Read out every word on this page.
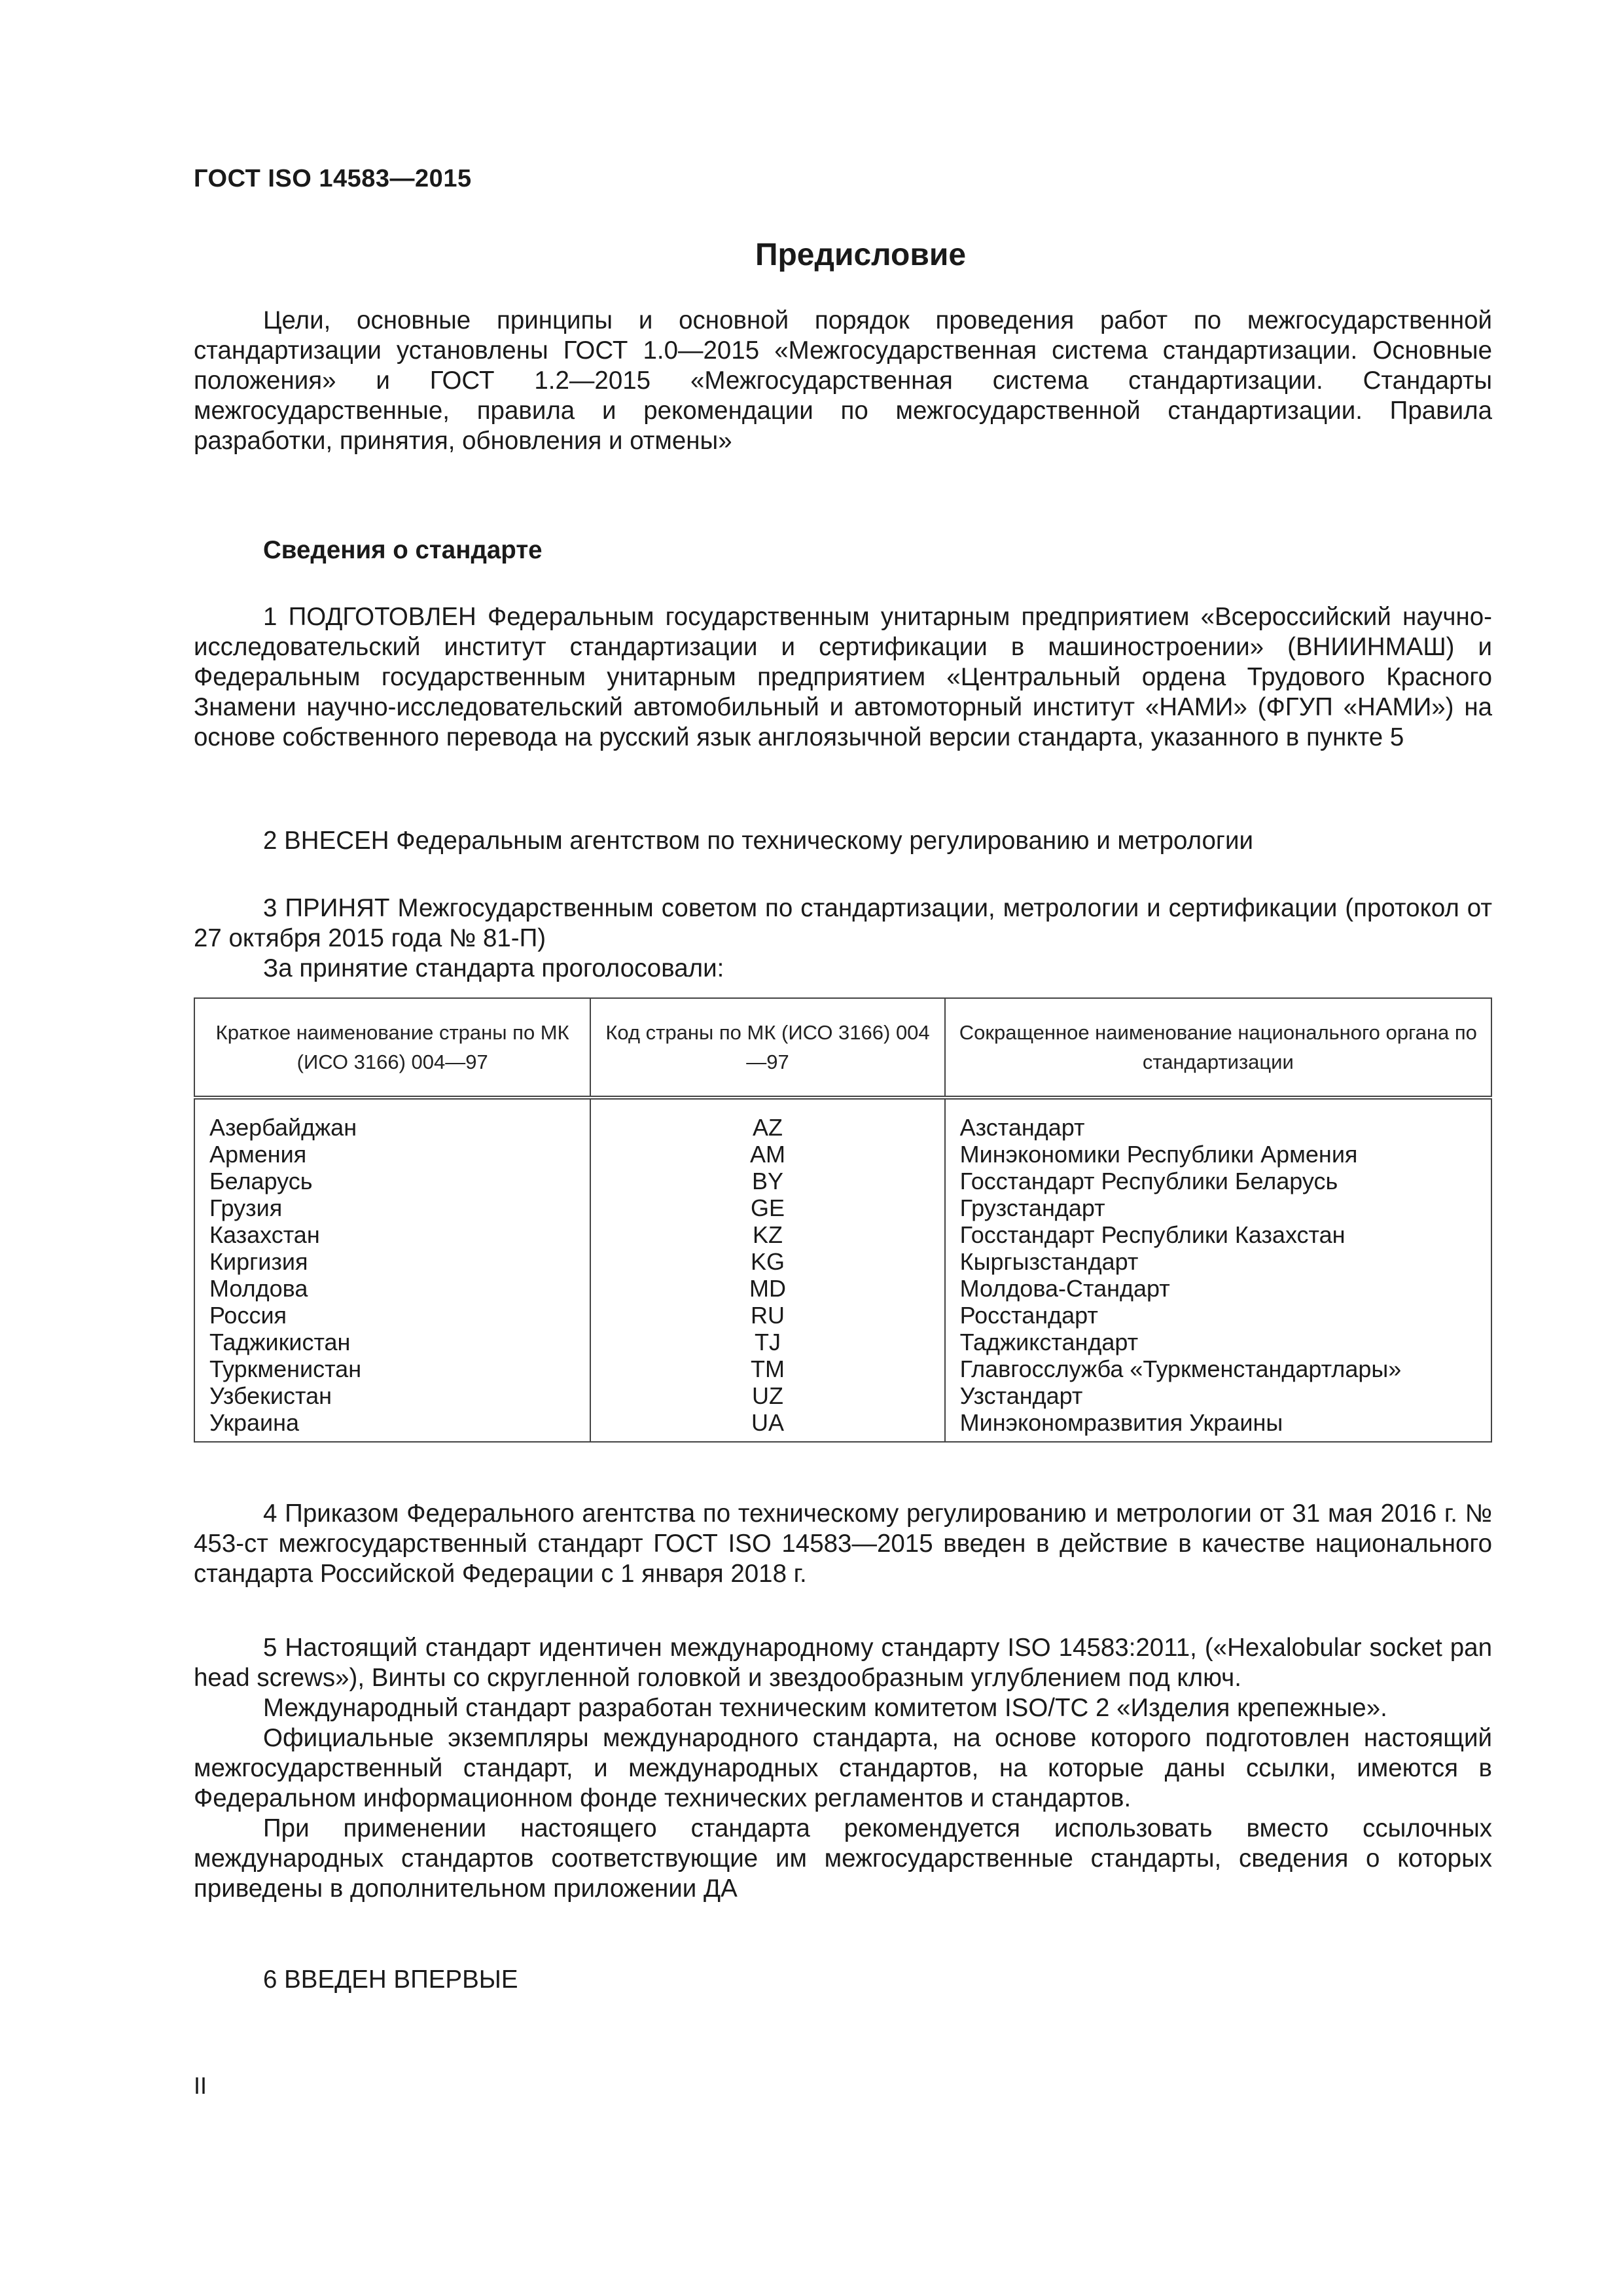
ГОСТ ISO 14583—2015
Предисловие

Цели, основные принципы и основной порядок проведения работ по межгосударственной стандартизации установлены ГОСТ 1.0—2015 «Межгосударственная система стандартизации. Основные положения» и ГОСТ 1.2—2015 «Межгосударственная система стандартизации. Стандарты межгосударственные, правила и рекомендации по межгосударственной стандартизации. Правила разработки, принятия, обновления и отмены»

Сведения о стандарте

1 ПОДГОТОВЛЕН Федеральным государственным унитарным предприятием «Всероссийский научно-исследовательский институт стандартизации и сертификации в машиностроении» (ВНИИНМАШ) и Федеральным государственным унитарным предприятием «Центральный ордена Трудового Красного Знамени научно-исследовательский автомобильный и автомоторный институт «НАМИ» (ФГУП «НАМИ») на основе собственного перевода на русский язык англоязычной версии стандарта, указанного в пункте 5

2 ВНЕСЕН Федеральным агентством по техническому регулированию и метрологии

3 ПРИНЯТ Межгосударственным советом по стандартизации, метрологии и сертификации (протокол от 27 октября 2015 года № 81-П)

За принятие стандарта проголосовали:

Краткое наименование страны по МК (ИСО 3166) 004—97	Код страны по МК (ИСО 3166) 004—97	Сокращенное наименование национального органа по стандартизации
Азербайджан	AZ	Азстандарт
Армения	AM	Минэкономики Республики Армения
Беларусь	BY	Госстандарт Республики Беларусь
Грузия	GE	Грузстандарт
Казахстан	KZ	Госстандарт Республики Казахстан
Киргизия	KG	Кыргызстандарт
Молдова	MD	Молдова-Стандарт
Россия	RU	Росстандарт
Таджикистан	TJ	Таджикстандарт
Туркменистан	TM	Главгосслужба «Туркменстандартлары»
Узбекистан	UZ	Узстандарт
Украина	UA	Минэкономразвития Украины

4 Приказом Федерального агентства по техническому регулированию и метрологии от 31 мая 2016 г. № 453-ст межгосударственный стандарт ГОСТ ISO 14583—2015 введен в действие в качестве национального стандарта Российской Федерации с 1 января 2018 г.

5 Настоящий стандарт идентичен международному стандарту ISO 14583:2011, («Hexalobular socket pan head screws»), Винты со скругленной головкой и звездообразным углублением под ключ.

Международный стандарт разработан техническим комитетом ISO/TC 2 «Изделия крепежные».

Официальные экземпляры международного стандарта, на основе которого подготовлен настоящий межгосударственный стандарт, и международных стандартов, на которые даны ссылки, имеются в Федеральном информационном фонде технических регламентов и стандартов.

При применении настоящего стандарта рекомендуется использовать вместо ссылочных международных стандартов соответствующие им межгосударственные стандарты, сведения о которых приведены в дополнительном приложении ДА

6 ВВЕДЕН ВПЕРВЫЕ

II
